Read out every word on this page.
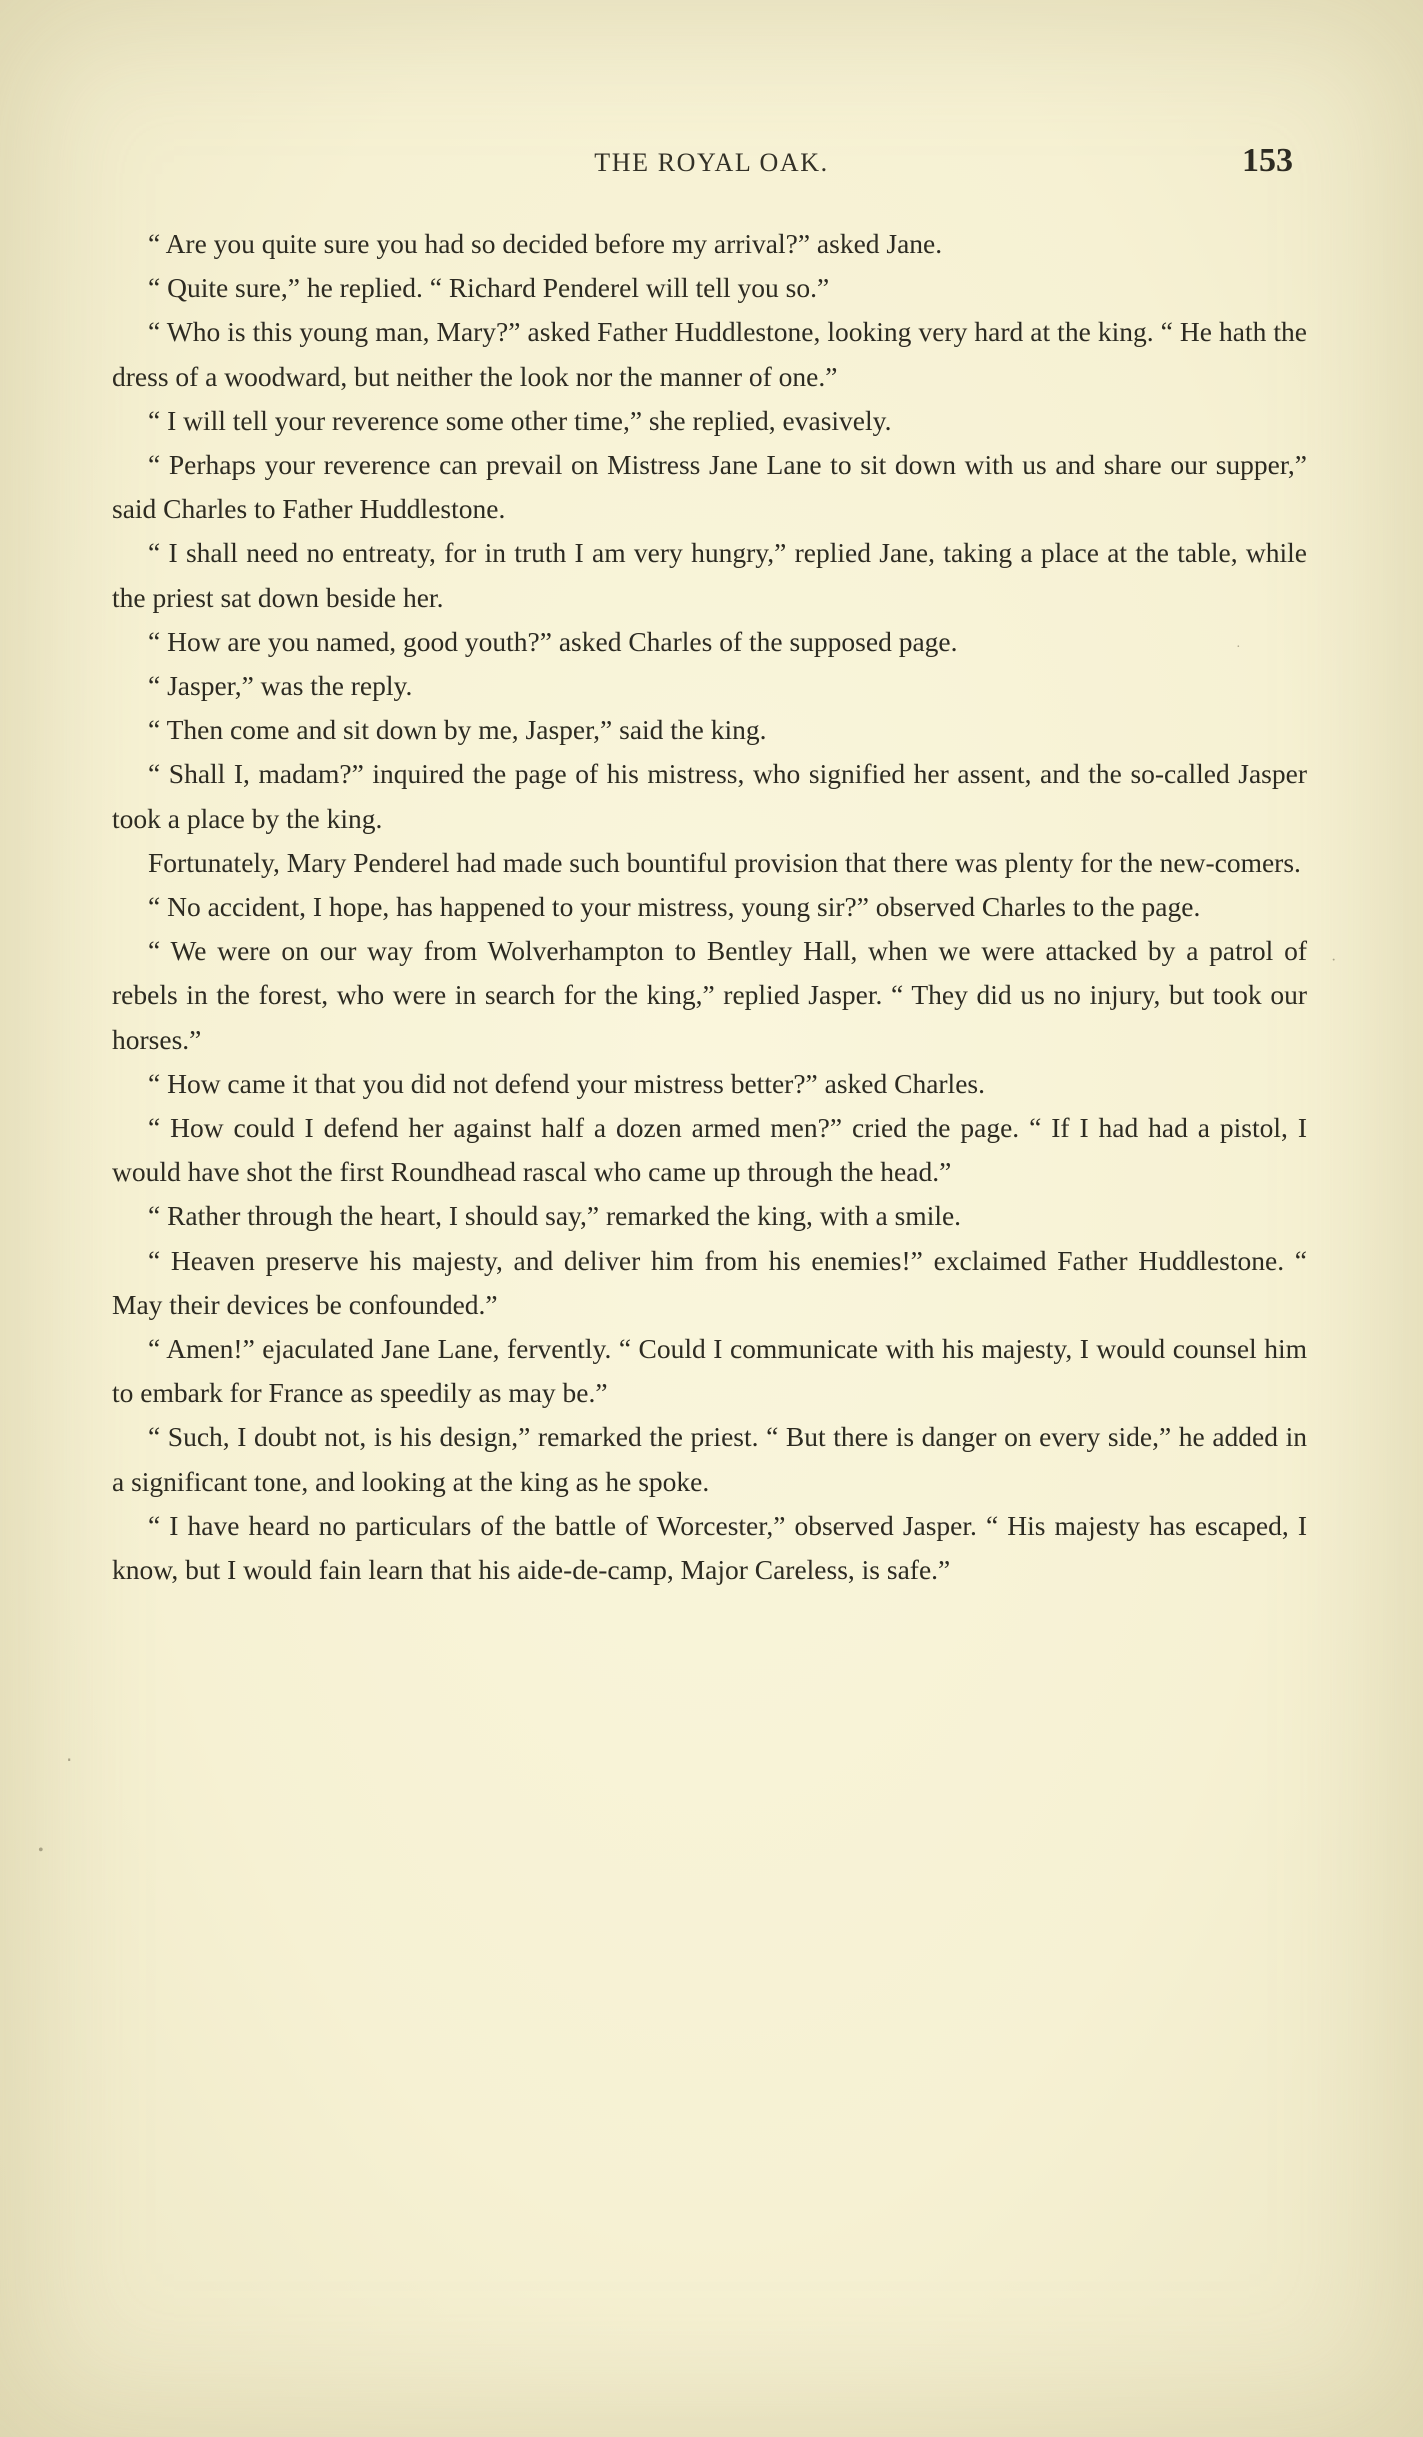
THE ROYAL OAK.	153

“ Are you quite sure you had so decided before my arrival?” asked Jane.

“ Quite sure,” he replied. “ Richard Penderel will tell you so.”

“ Who is this young man, Mary?” asked Father Huddlestone, looking very hard at the king. “ He hath the dress of a woodward, but neither the look nor the manner of one.”

“ I will tell your reverence some other time,” she replied, evasively.

“ Perhaps your reverence can prevail on Mistress Jane Lane to sit down with us and share our supper,” said Charles to Father Huddlestone.

“ I shall need no entreaty, for in truth I am very hungry,” replied Jane, taking a place at the table, while the priest sat down beside her.

“ How are you named, good youth?” asked Charles of the supposed page.

“ Jasper,” was the reply.

“ Then come and sit down by me, Jasper,” said the king.

“ Shall I, madam?” inquired the page of his mistress, who signified her assent, and the so-called Jasper took a place by the king.

Fortunately, Mary Penderel had made such bountiful provision that there was plenty for the new-comers.

“ No accident, I hope, has happened to your mistress, young sir?” observed Charles to the page.

“ We were on our way from Wolverhampton to Bentley Hall, when we were attacked by a patrol of rebels in the forest, who were in search for the king,” replied Jasper. “ They did us no injury, but took our horses.”

“ How came it that you did not defend your mistress better?” asked Charles.

“ How could I defend her against half a dozen armed men?” cried the page. “ If I had had a pistol, I would have shot the first Roundhead rascal who came up through the head.”

“ Rather through the heart, I should say,” remarked the king, with a smile.

“ Heaven preserve his majesty, and deliver him from his enemies!” exclaimed Father Huddlestone. “ May their devices be confounded.”

“ Amen!” ejaculated Jane Lane, fervently. “ Could I communicate with his majesty, I would counsel him to embark for France as speedily as may be.”

“ Such, I doubt not, is his design,” remarked the priest. “ But there is danger on every side,” he added in a significant tone, and looking at the king as he spoke.

“ I have heard no particulars of the battle of Worcester,” observed Jasper. “ His majesty has escaped, I know, but I would fain learn that his aide-de-camp, Major Careless, is safe.”

‧
•
·
·
